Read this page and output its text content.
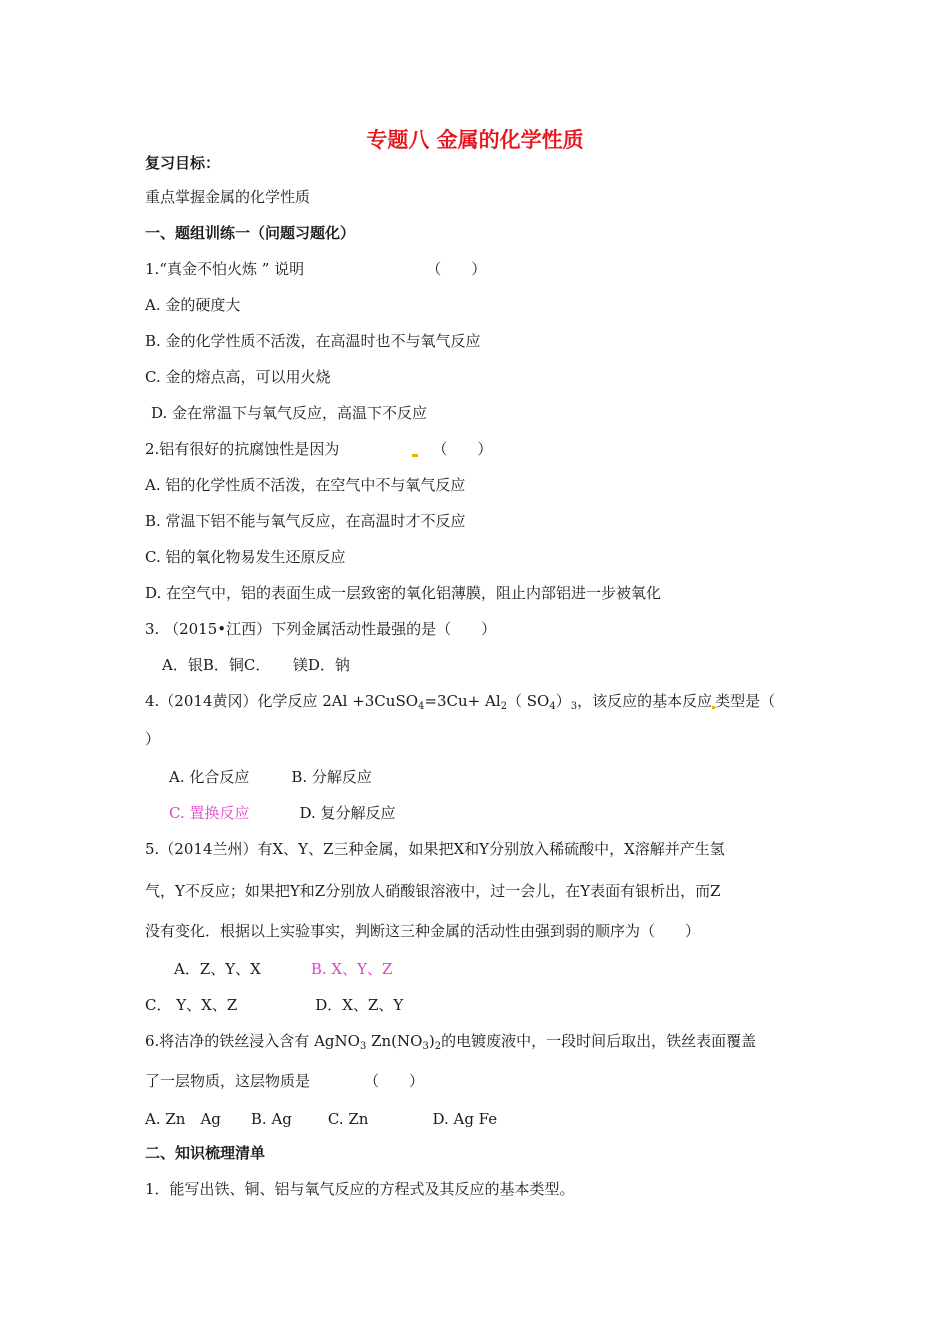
专题八 金属的化学性质

复习目标：

重点掌握金属的化学性质

一、题组训练一（问题习题化）

1.“真金不怕火炼 ” 说明	（　　）

A. 金的硬度大

B. 金的化学性质不活泼，在高温时也不与氧气反应

C. 金的熔点高，可以用火烧

D. 金在常温下与氧气反应，高温下不反应

2.铝有很好的抗腐蚀性是因为	（　　）

A. 铝的化学性质不活泼，在空气中不与氧气反应

B. 常温下铝不能与氧气反应，在高温时才不反应

C. 铝的氧化物易发生还原反应

D. 在空气中，铝的表面生成一层致密的氧化铝薄膜，阻止内部铝进一步被氧化

3. （2015•江西）下列金属活动性最强的是（　　）

A．银B．铜C．　　镁D．钠

4.（2014黄冈）化学反应 2Al +3CuSO$_4$=3Cu+ $Al_2$（ $SO_4)_3$，该反应的基本反应 类型是（

）

A. 化合反应	B. 分解反应

C. 置换反应	D. 复分解反应

5.（2014兰州）有X、Y、Z三种金属，如果把X和Y分别放入稀硫酸中，X溶解并产生氢

气，Y不反应；如果把Y和Z分别放人硝酸银溶液中，过一会儿，在Y表面有银析出，而Z

没有变化．根据以上实验事实，判断这三种金属的活动性由强到弱的顺序为（　　）

A．Z、Y、X	B. X、Y、Z

C． Y、X、Z	D．X、Z、Y

6.将洁净的铁丝浸入含有 AgNO$_3$ $Zn(NO_3)_2$的电镀废液中，一段时间后取出，铁丝表面覆盖

了一层物质，这层物质是	（　　）

A. Zn　Ag B. Ag C. Zn	D. Ag Fe

二、知识梳理清单

1．能写出铁、铜、铝与氧气反应的方程式及其反应的基本类型。
